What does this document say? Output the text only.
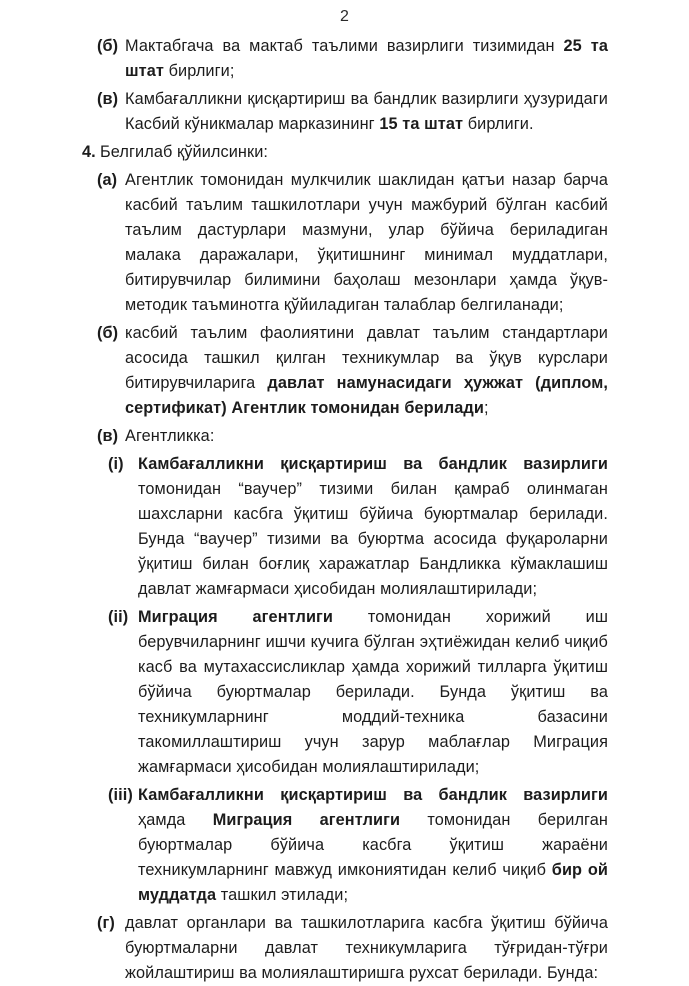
2
(б) Мактабгача ва мактаб таълими вазирлиги тизимидан 25 та штат бирлиги;
(в) Камбағалликни қисқартириш ва бандлик вазирлиги ҳузуридаги Касбий кўникмалар марказининг 15 та штат бирлиги.
4. Белгилаб қўйилсинки:
(а) Агентлик томонидан мулкчилик шаклидан қатъи назар барча касбий таълим ташкилотлари учун мажбурий бўлган касбий таълим дастурлари мазмуни, улар бўйича бериладиган малака даражалари, ўқитишнинг минимал муддатлари, битирувчилар билимини баҳолаш мезонлари ҳамда ўқув-методик таъминотга қўйиладиган талаблар белгиланади;
(б) касбий таълим фаолиятини давлат таълим стандартлари асосида ташкил қилган техникумлар ва ўқув курслари битирувчиларига давлат намунасидаги ҳужжат (диплом, сертификат) Агентлик томонидан берилади;
(в) Агентликка:
(i) Камбағалликни қисқартириш ва бандлик вазирлиги томонидан “ваучер” тизими билан қамраб олинмаган шахсларни касбга ўқитиш бўйича буюртмалар берилади. Бунда “ваучер” тизими ва буюртма асосида фуқароларни ўқитиш билан боғлиқ харажатлар Бандликка кўмаклашиш давлат жамғармаси ҳисобидан молиялаштирилади;
(ii) Миграция агентлиги томонидан хорижий иш берувчиларнинг ишчи кучига бўлган эҳтиёжидан келиб чиқиб касб ва мутахассисликлар ҳамда хорижий тилларга ўқитиш бўйича буюртмалар берилади. Бунда ўқитиш ва техникумларнинг моддий-техника базасини такомиллаштириш учун зарур маблағлар Миграция жамғармаси ҳисобидан молиялаштирилади;
(iii) Камбағалликни қисқартириш ва бандлик вазирлиги ҳамда Миграция агентлиги томонидан берилган буюртмалар бўйича касбга ўқитиш жараёни техникумларнинг мавжуд имкониятидан келиб чиқиб бир ой муддатда ташкил этилади;
(г) давлат органлари ва ташкилотларига касбга ўқитиш бўйича буюртмаларни давлат техникумларига тўғридан-тўғри жойлаштириш ва молиялаштиришга рухсат берилади. Бунда:
